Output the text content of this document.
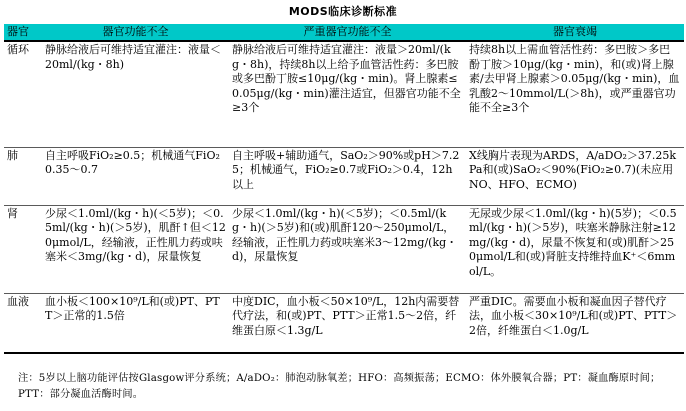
MODS临床诊断标准
器官	器官功能不全	严重器官功能不全	器官衰竭
循环	静脉给液后可维持适宜灌注：液量＜20ml/(kg・8h)	静脉给液后可维持适宜灌注：液量＞20ml/(kg・8h)，持续8h以上给予血管活性药：多巴胺或多巴酚丁胺≤10μg/(kg・min)。肾上腺素≤0.05μg/(kg・min)灌注适宜，但器官功能不全≥3个	持续8h以上需血管活性药：多巴胺＞多巴酚丁胺＞10μg/(kg・min)，和(或)肾上腺素/去甲肾上腺素＞0.05μg/(kg・min)，血乳酸2～10mmol/L(＞8h)，或严重器官功能不全≥3个
肺	自主呼吸FiO₂≥0.5；机械通气FiO₂0.35～0.7	自主呼吸+辅助通气，SaO₂＞90%或pH＞7.25；机械通气，FiO₂≥0.7或FiO₂＞0.4，12h以上	X线胸片表现为ARDS，A/aDO₂＞37.25kPa和(或)SaO₂＜90%(FiO₂≥0.7)(未应用NO、HFO、ECMO)
肾	少尿＜1.0ml/(kg・h)(＜5岁)；＜0.5ml/(kg・h)(＞5岁)，肌酐↑但＜120μmol/L，经输液，正性肌力药或呋塞米＜3mg/(kg・d)，尿量恢复	少尿＜1.0ml/(kg・h)(＜5岁)；＜0.5ml/(kg・h)(＞5岁)和(或)肌酐120～250μmol/L，经输液，正性肌力药或呋塞米3～12mg/(kg・d)，尿量恢复	无尿或少尿＜1.0ml/(kg・h)(5岁)；＜0.5ml/(kg・h)(＞5岁)，呋塞米静脉注射≥12mg/(kg・d)，尿量不恢复和(或)肌酐＞250μmol/L和(或)肾脏支持维持血K⁺＜6mmol/L。
血液	血小板＜100×10⁹/L和(或)PT、PTT＞正常的1.5倍	中度DIC，血小板＜50×10⁹/L，12h内需要替代疗法，和(或)PT、PTT＞正常1.5～2倍，纤维蛋白原＜1.3g/L	严重DIC。需要血小板和凝血因子替代疗法，血小板＜30×10⁹/L和(或)PT、PTT＞2倍，纤维蛋白＜1.0g/L
注：5岁以上脑功能评估按Glasgow评分系统；A/aDO₂：肺泡动脉氧差；HFO：高频振荡；ECMO：体外膜氧合器；PT：凝血酶原时间；PTT：部分凝血活酶时间。
